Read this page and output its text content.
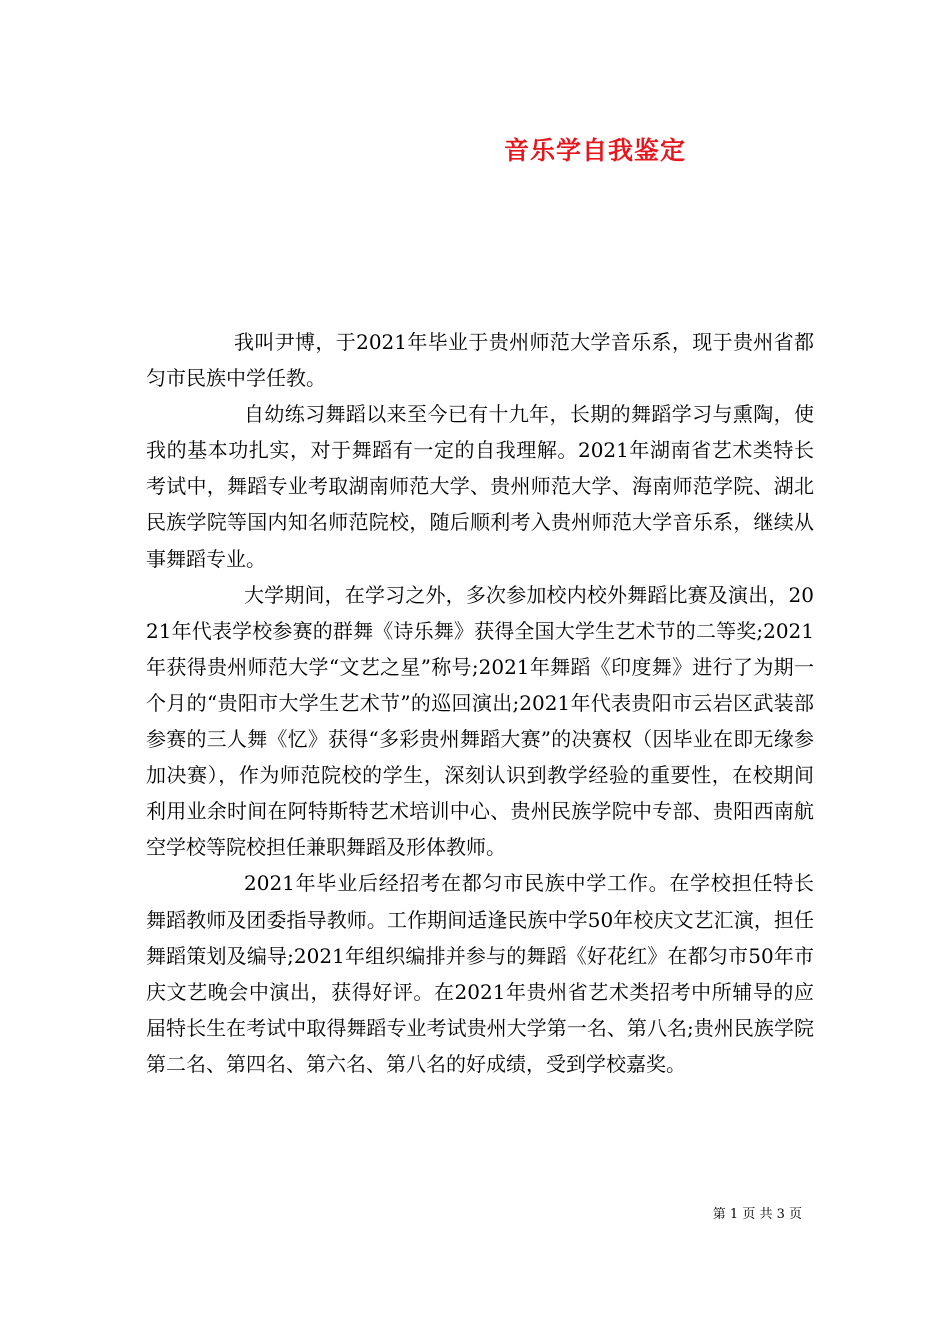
音乐学自我鉴定

我叫尹博，于2021年毕业于贵州师范大学音乐系，现于贵州省都匀市民族中学任教。

自幼练习舞蹈以来至今已有十九年，长期的舞蹈学习与熏陶，使我的基本功扎实，对于舞蹈有一定的自我理解。2021年湖南省艺术类特长考试中，舞蹈专业考取湖南师范大学、贵州师范大学、海南师范学院、湖北民族学院等国内知名师范院校，随后顺利考入贵州师范大学音乐系，继续从事舞蹈专业。

大学期间，在学习之外，多次参加校内校外舞蹈比赛及演出，2021年代表学校参赛的群舞《诗乐舞》获得全国大学生艺术节的二等奖;2021年获得贵州师范大学“文艺之星”称号;2021年舞蹈《印度舞》进行了为期一个月的“贵阳市大学生艺术节”的巡回演出;2021年代表贵阳市云岩区武装部参赛的三人舞《忆》获得“多彩贵州舞蹈大赛”的决赛权（因毕业在即无缘参加决赛），作为师范院校的学生，深刻认识到教学经验的重要性，在校期间利用业余时间在阿特斯特艺术培训中心、贵州民族学院中专部、贵阳西南航空学校等院校担任兼职舞蹈及形体教师。

2021年毕业后经招考在都匀市民族中学工作。在学校担任特长舞蹈教师及团委指导教师。工作期间适逢民族中学50年校庆文艺汇演，担任舞蹈策划及编导;2021年组织编排并参与的舞蹈《好花红》在都匀市50年市庆文艺晚会中演出，获得好评。在2021年贵州省艺术类招考中所辅导的应届特长生在考试中取得舞蹈专业考试贵州大学第一名、第八名;贵州民族学院第二名、第四名、第六名、第八名的好成绩，受到学校嘉奖。

第 1 页 共 3 页
